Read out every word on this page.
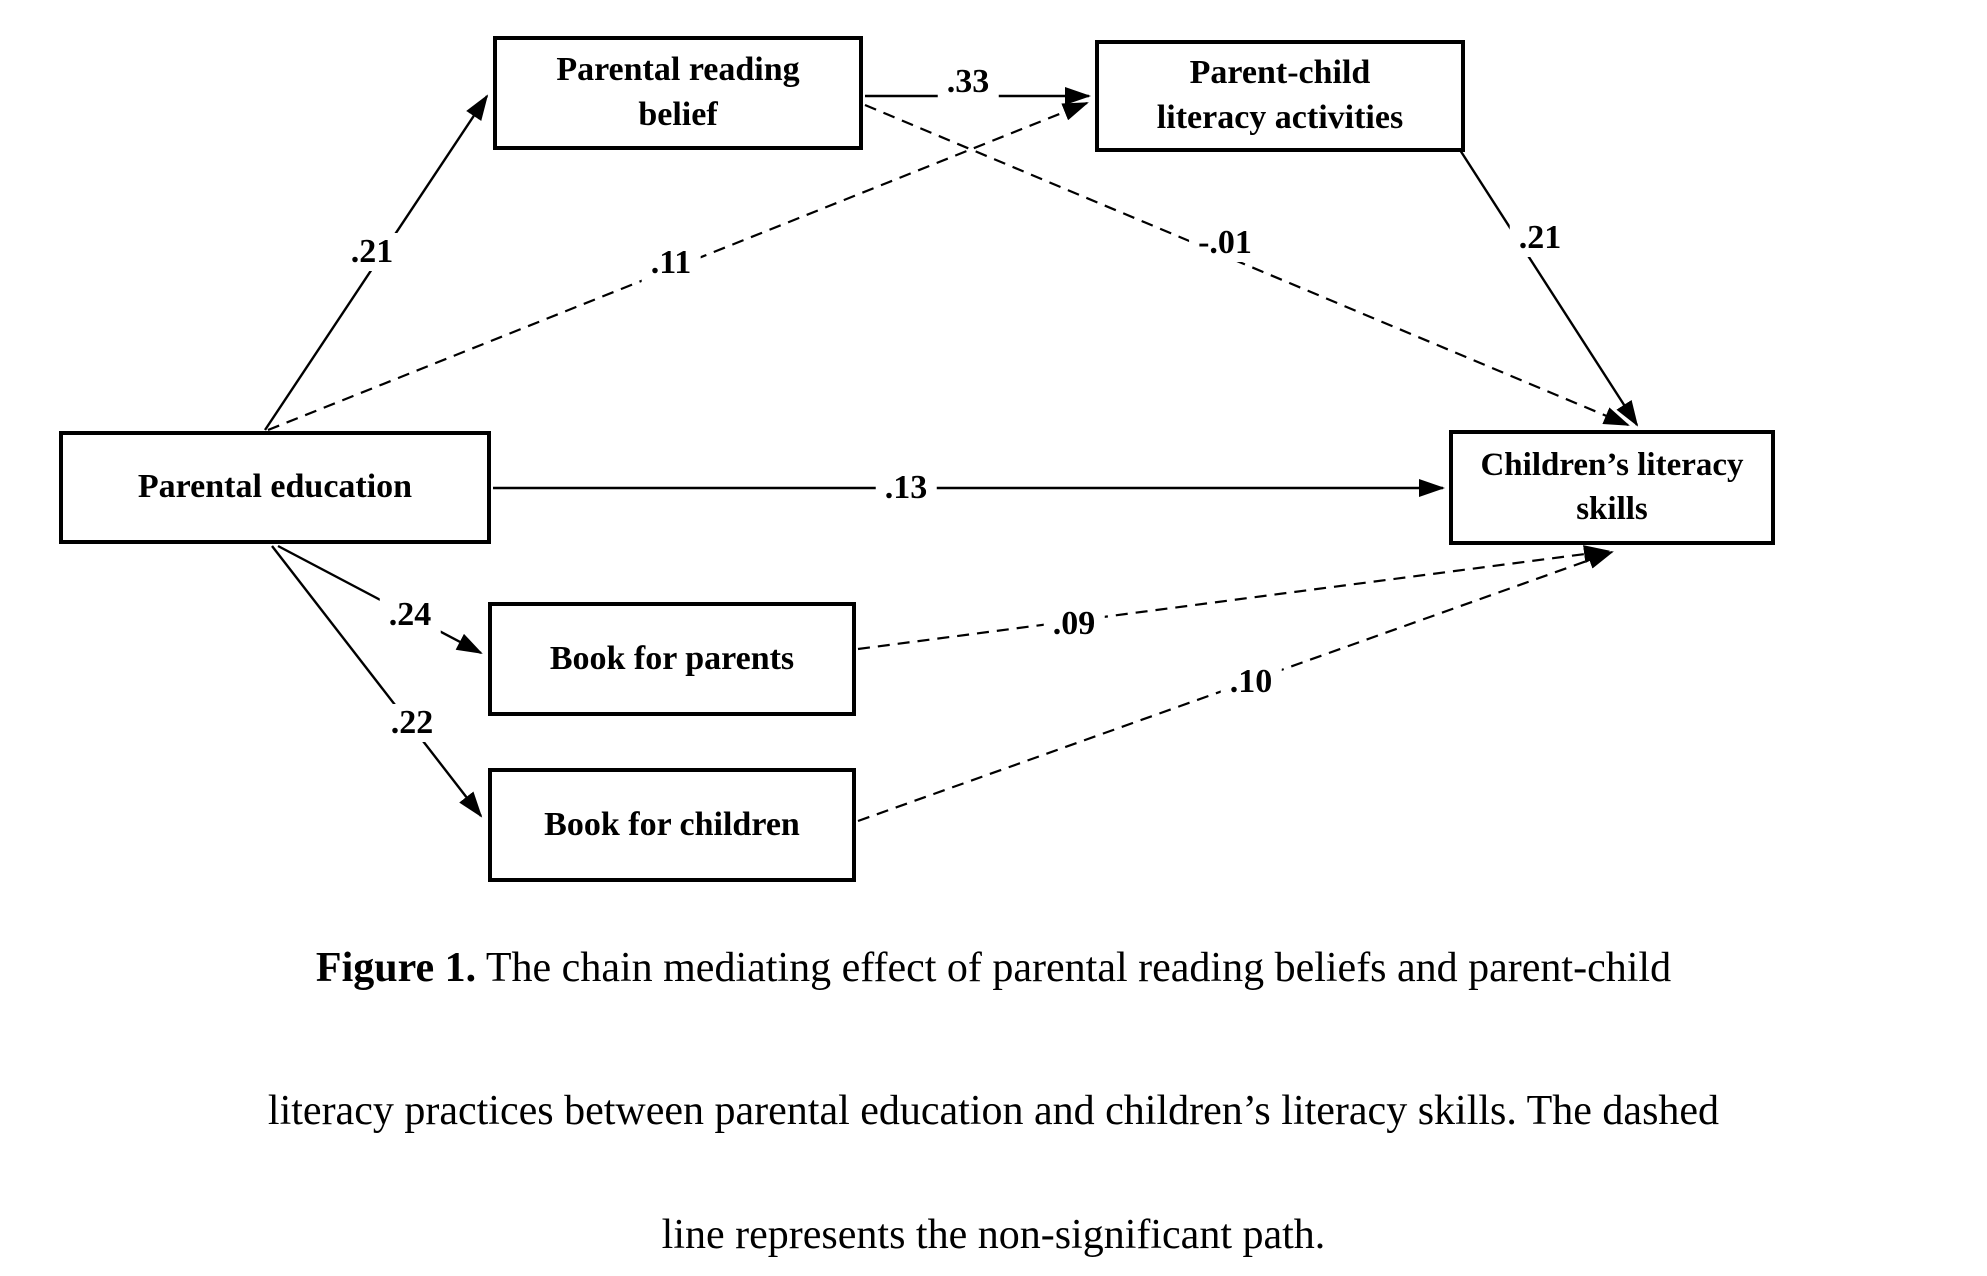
.21
.33
.11
-.01	.21
.13
.24
.22
.09
.10
Parental reading
belief
Parent-child
literacy activities
Parental education
Children’s literacy
skills
Book for parents
Book for children
Figure 1. The chain mediating effect of parental reading beliefs and parent-child
literacy practices between parental education and children’s literacy skills. The dashed
line represents the non-significant path.
